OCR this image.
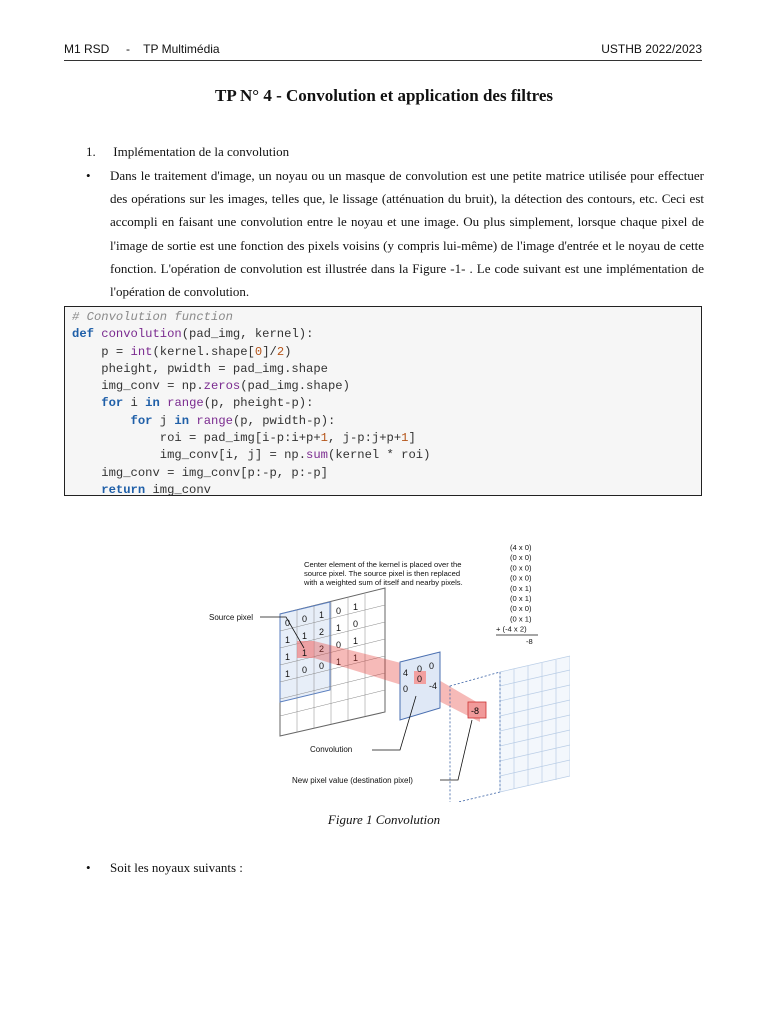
M1 RSD     -    TP Multimédia	USTHB 2022/2023
TP N° 4 - Convolution et application des filtres
1. Implémentation de la convolution
• Dans le traitement d'image, un noyau ou un masque de convolution est une petite matrice utilisée pour effectuer des opérations sur les images, telles que, le lissage (atténuation du bruit), la détection des contours, etc. Ceci est accompli en faisant une convolution entre le noyau et une image. Ou plus simplement, lorsque chaque pixel de l'image de sortie est une fonction des pixels voisins (y compris lui-même) de l'image d'entrée et le noyau de cette fonction. L'opération de convolution est illustrée dans la Figure -1- . Le code suivant est une implémentation de l'opération de convolution.
# Convolution function
def convolution(pad_img, kernel):
p = int(kernel.shape[0]/2)
pheight, pwidth = pad_img.shape
img_conv = np.zeros(pad_img.shape)
for i in range(p, pheight-p):
for j in range(p, pwidth-p):
roi = pad_img[i-p:i+p+1, j-p:j+p+1]
img_conv[i, j] = np.sum(kernel * roi)
img_conv = img_conv[p:-p, p:-p]
return img_conv
0 0 1 0 1
1 1 2 1 0
1 1 2 0 1
1 0 0 1 1
4 0 0
0
0
-4
-8
Center element of the kernel is placed over the
source pixel. The source pixel is then replaced
with a weighted sum of itself and nearby pixels.
(4 x 0)
(0 x 0)
(0 x 0)
(0 x 0)
(0 x 1)
(0 x 1)
(0 x 0)
(0 x 1)
+ (-4 x 2)
-8
Source pixel
Convolution
New pixel value (destination pixel)
Figure 1 Convolution
• Soit les noyaux suivants :
